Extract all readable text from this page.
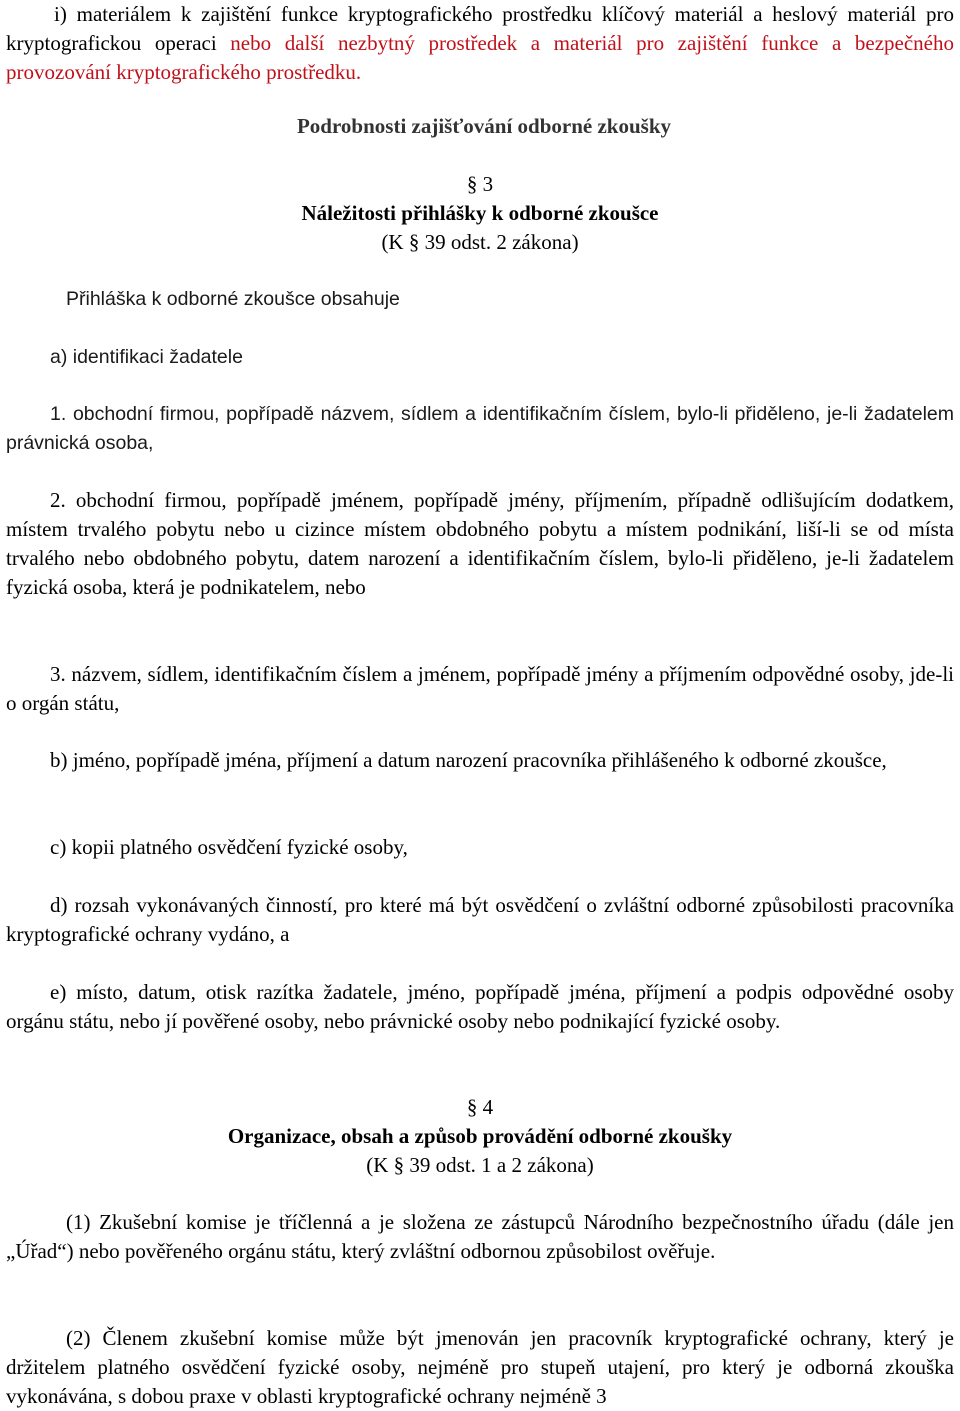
i) materiálem k zajištění funkce kryptografického prostředku klíčový materiál a heslový materiál pro kryptografickou operaci nebo další nezbytný prostředek a materiál pro zajištění funkce a bezpečného provozování kryptografického prostředku.
Podrobnosti zajišťování odborné zkoušky
§ 3
Náležitosti přihlášky k odborné zkoušce
(K § 39 odst. 2 zákona)
Přihláška k odborné zkoušce obsahuje
a) identifikaci žadatele
1. obchodní firmou, popřípadě názvem, sídlem a identifikačním číslem, bylo-li přiděleno, je-li žadatelem právnická osoba,
2. obchodní firmou, popřípadě jménem, popřípadě jmény, příjmením, případně odlišujícím dodatkem, místem trvalého pobytu nebo u cizince místem obdobného pobytu a místem podnikání, liší-li se od místa trvalého nebo obdobného pobytu, datem narození a identifikačním číslem, bylo-li přiděleno, je-li žadatelem fyzická osoba, která je podnikatelem, nebo
3. názvem, sídlem, identifikačním číslem a jménem, popřípadě jmény a příjmením odpovědné osoby, jde-li o orgán státu,
b) jméno, popřípadě jména, příjmení a datum narození pracovníka přihlášeného k odborné zkoušce,
c) kopii platného osvědčení fyzické osoby,
d) rozsah vykonávaných činností, pro které má být osvědčení o zvláštní odborné způsobilosti pracovníka kryptografické ochrany vydáno, a
e) místo, datum, otisk razítka žadatele, jméno, popřípadě jména, příjmení a podpis odpovědné osoby orgánu státu, nebo jí pověřené osoby, nebo právnické osoby nebo podnikající fyzické osoby.
§ 4
Organizace, obsah a způsob provádění odborné zkoušky
(K § 39 odst. 1 a 2 zákona)
(1) Zkušební komise je tříčlenná a je složena ze zástupců Národního bezpečnostního úřadu (dále jen „Úřad“) nebo pověřeného orgánu státu, který zvláštní odbornou způsobilost ověřuje.
(2) Členem zkušební komise může být jmenován jen pracovník kryptografické ochrany, který je držitelem platného osvědčení fyzické osoby, nejméně pro stupeň utajení, pro který je odborná zkouška vykonávána, s dobou praxe v oblasti kryptografické ochrany nejméně 3
